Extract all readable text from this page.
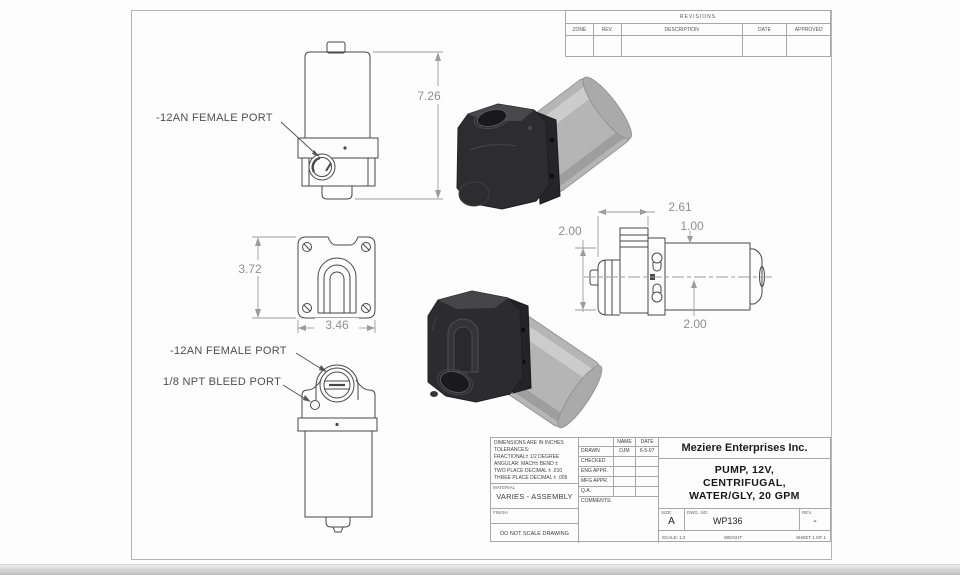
-12AN FEMALE PORT
-12AN FEMALE PORT
1/8 NPT BLEED PORT
7.26
3.72
3.46
2.61
1.00
2.00
2.00
REVISIONS
ZONE	REV.	DESCRIPTION	DATE	APPROVED
DIMENSIONS ARE IN INCHES
TOLERANCES:
FRACTIONAL± 1/2 DEGREE
ANGULAR: MACH± BEND ±
TWO PLACE DECIMAL ± .010
THREE PLACE DECIMAL ± .005
MATERIAL
VARIES - ASSEMBLY
FINISH
DO NOT SCALE DRAWING
NAME	DATE
DRAWN	DJM	6-5-07
CHECKED
ENG APPR.
MFG APPR.
Q.A.
COMMENTS:
Meziere Enterprises Inc.
PUMP, 12V,
CENTRIFUGAL,
WATER/GLY, 20 GPM
SIZE
A
DWG. NO.
WP136
REV.
-
SCALE: 1:2	WEIGHT:	SHEET 1 OF 1
